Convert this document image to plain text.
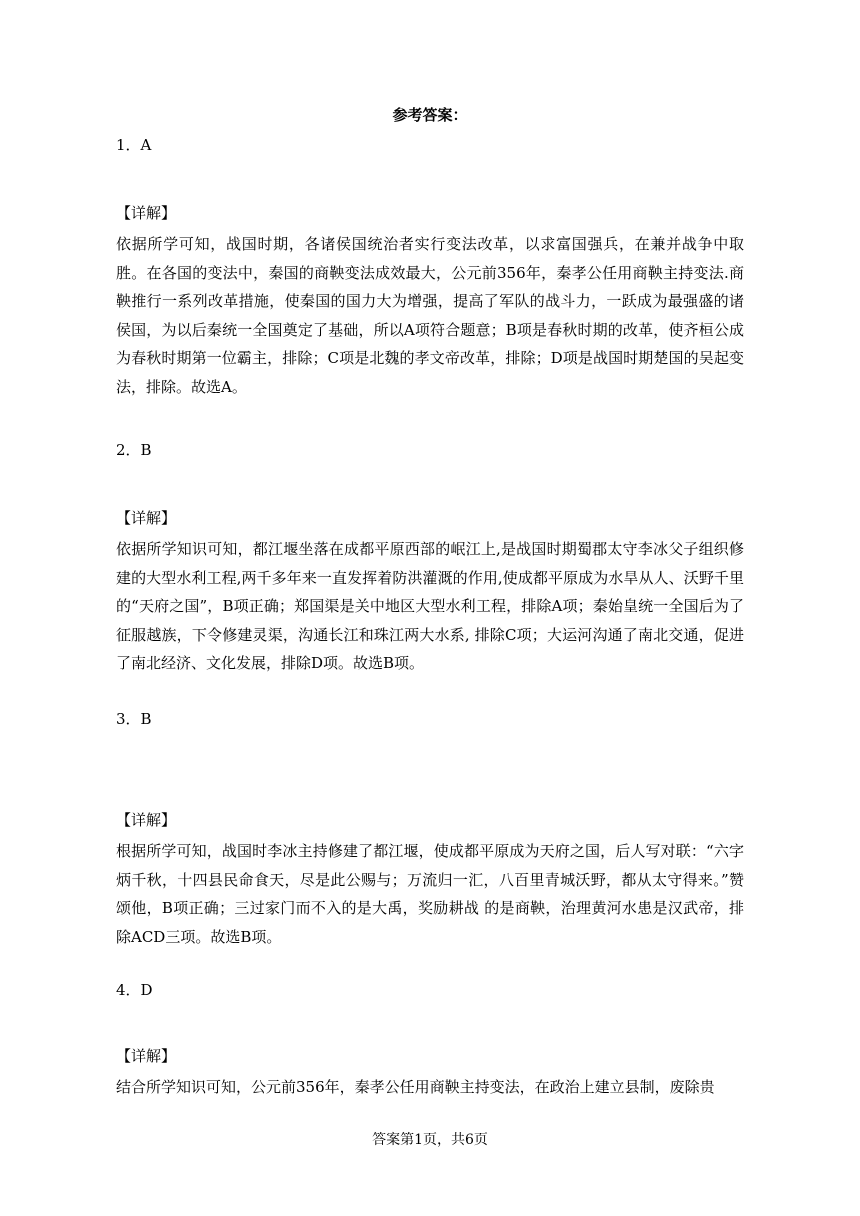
参考答案：

1．A

【详解】

依据所学可知，战国时期，各诸侯国统治者实行变法改革，以求富国强兵，在兼并战争中取胜。在各国的变法中，秦国的商鞅变法成效最大，公元前356年，秦孝公任用商鞅主持变法.商鞅推行一系列改革措施，使秦国的国力大为增强，提高了军队的战斗力，一跃成为最强盛的诸侯国，为以后秦统一全国奠定了基础，所以A项符合题意；B项是春秋时期的改革，使齐桓公成为春秋时期第一位霸主，排除；C项是北魏的孝文帝改革，排除；D项是战国时期楚国的吴起变法，排除。故选A。

2．B

【详解】

依据所学知识可知，都江堰坐落在成都平原西部的岷江上,是战国时期蜀郡太守李冰父子组织修建的大型水利工程,两千多年来一直发挥着防洪灌溉的作用,使成都平原成为水旱从人、沃野千里的“天府之国”，B项正确；郑国渠是关中地区大型水利工程，排除A项；秦始皇统一全国后为了征服越族，下令修建灵渠，沟通长江和珠江两大水系, 排除C项；大运河沟通了南北交通，促进了南北经济、文化发展，排除D项。故选B项。

3．B

【详解】

根据所学可知，战国时李冰主持修建了都江堰，使成都平原成为天府之国，后人写对联：“六字炳千秋，十四县民命食天，尽是此公赐与；万流归一汇，八百里青城沃野，都从太守得来。”赞颂他，B项正确；三过家门而不入的是大禹，奖励耕战 的是商鞅，治理黄河水患是汉武帝，排除ACD三项。故选B项。

4．D

【详解】

结合所学知识可知，公元前356年，秦孝公任用商鞅主持变法，在政治上建立县制，废除贵

答案第1页，共6页
